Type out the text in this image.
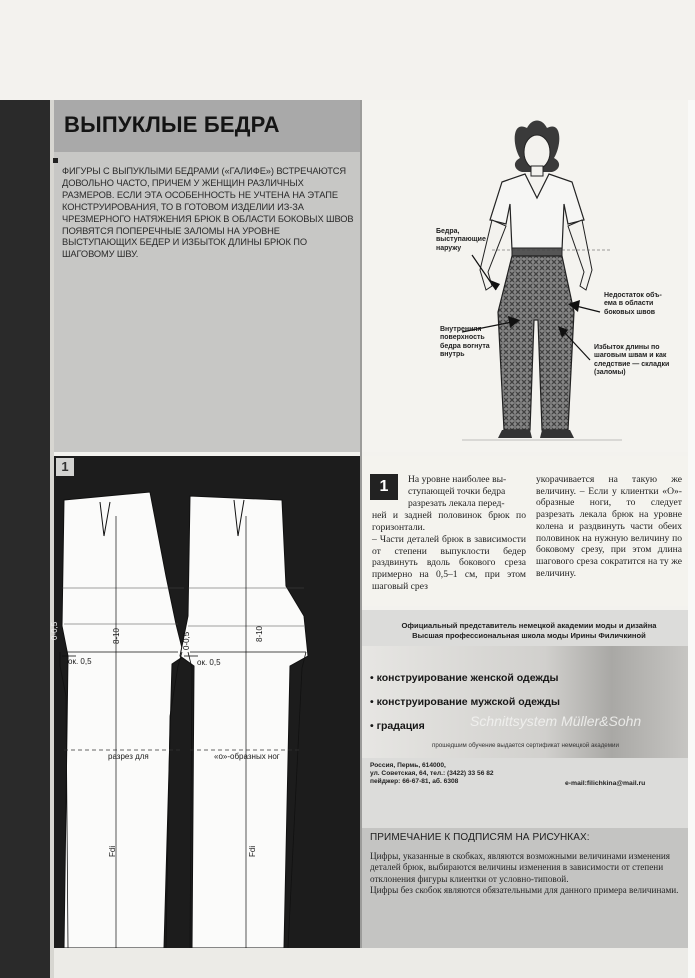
ВЫПУКЛЫЕ БЕДРА
ФИГУРЫ С ВЫПУКЛЫМИ БЕДРАМИ («ГАЛИФЕ») ВСТРЕЧАЮТСЯ ДОВОЛЬНО ЧАСТО, ПРИЧЕМ У ЖЕНЩИН РАЗЛИЧНЫХ РАЗМЕРОВ. ЕСЛИ ЭТА ОСОБЕННОСТЬ НЕ УЧТЕНА НА ЭТАПЕ КОНСТРУИРОВАНИЯ, ТО В ГОТОВОМ ИЗДЕЛИИ ИЗ-ЗА ЧРЕЗМЕРНОГО НАТЯЖЕНИЯ БРЮК В ОБЛАСТИ БОКОВЫХ ШВОВ ПОЯВЯТСЯ ПОПЕРЕЧНЫЕ ЗАЛОМЫ НА УРОВНЕ ВЫСТУПАЮЩИХ БЕДЕР И ИЗБЫТОК ДЛИНЫ БРЮК ПО ШАГОВОМУ ШВУ.
Бедра,
выступающие
наружу
Внутренняя
поверхность
бедра вогнута
внутрь
Недостаток объ-
ема в области
боковых швов
Избыток длины по
шаговым швам и как
следствие — складки
(заломы)
1
0-0,5
0-0,5
ок. 0,5	ок. 0,5
8-10	8-10
Fdi	Fdi
разрез для	«о»-образных ног
1	На уровне наиболее вы-
ступающей точки бедра
разрезать лекала перед-
ней и задней половинок брюк по горизонтали.
– Части деталей брюк в зависимости от степени выпуклости бедер раздвинуть вдоль бокового среза примерно на 0,5–1 см, при этом шаговый срез
укорачивается на такую же величину. – Если у клиентки «О»-образные ноги, то следует разрезать лекала брюк на уровне колена и раздвинуть части обеих половинок на нужную величину по боковому срезу, при этом длина шагового среза сократится на ту же величину.
Официальный представитель немецкой академии моды и дизайна
Высшая профессиональная школа моды Ирины Филичкиной
• конструирование женской одежды
• конструирование мужской одежды
• градация	Schnittsystem Müller&Sohn
прошедшим обучение выдается сертификат немецкой академии
Россия, Пермь, 614000,
ул. Советская, 64, тел.: (3422) 33 56 82
пейджер: 66-67-81, аб. 6308	e-mail:filichkina@mail.ru
ПРИМЕЧАНИЕ К ПОДПИСЯМ НА РИСУНКАХ:
Цифры, указанные в скобках, являются возможными величинами изменения деталей брюк, выбираются величины изменения в зависимости от степени отклонения фигуры клиентки от условно-типовой.
Цифры без скобок являются обязательными для данного примера величинами.
